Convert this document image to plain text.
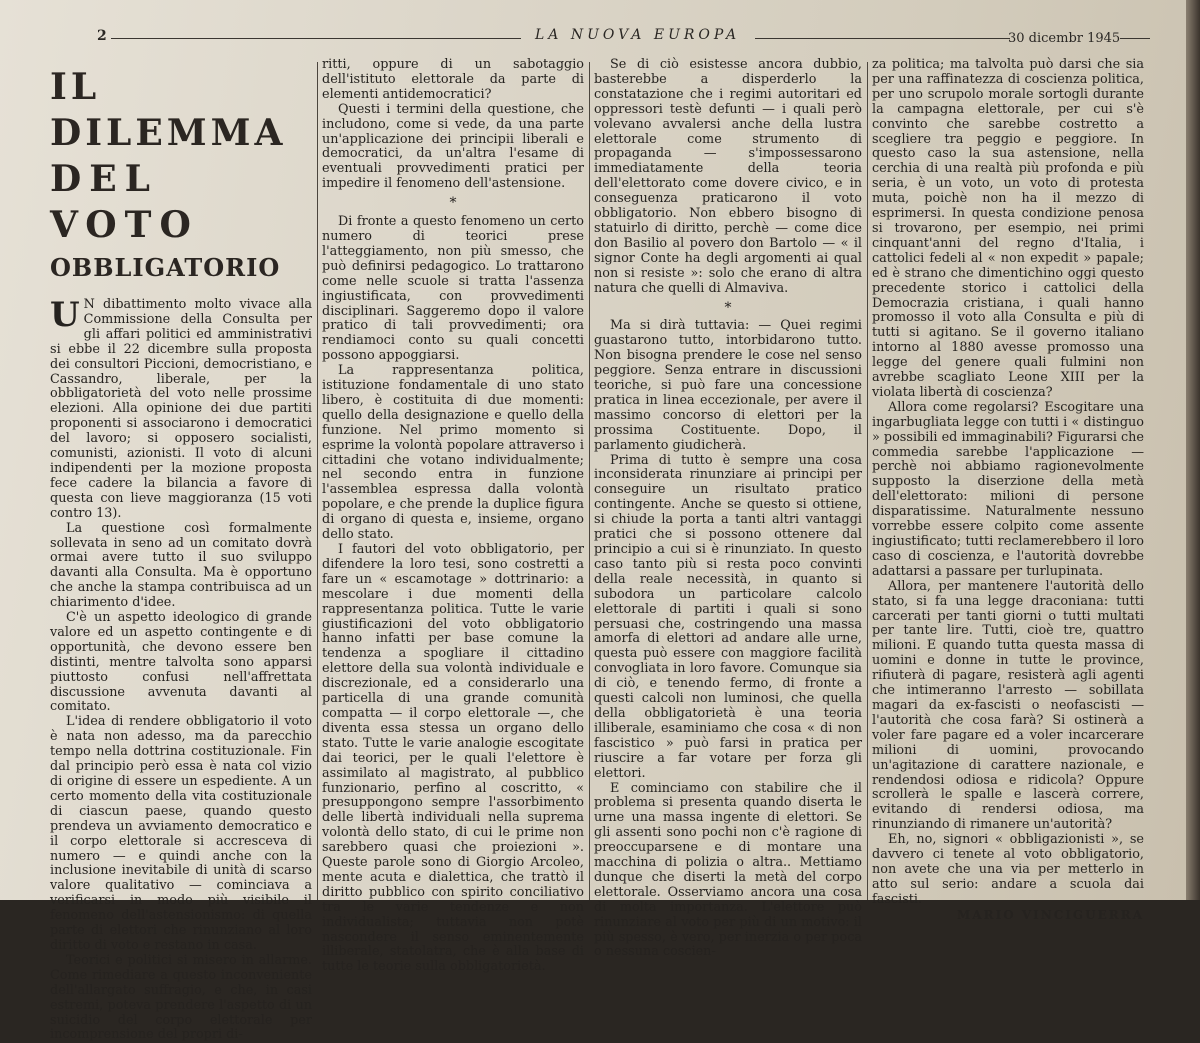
2	LA NUOVA EUROPA	30 dicembr 1945
IL DILEMMA
DEL VOTO
OBBLIGATORIO

U N dibattimento molto vivace alla Commissione della Consulta per gli affari politici ed amministrativi si ebbe il 22 dicembre sulla proposta dei consultori Piccioni, democristiano, e Cassandro, liberale, per la obbligatorietà del voto nelle prossime elezioni. Alla opinione dei due partiti proponenti si associarono i democratici del lavoro; si opposero socialisti, comunisti, azionisti. Il voto di alcuni indipendenti per la mozione proposta fece cadere la bilancia a favore di questa con lieve maggioranza (15 voti contro 13).

La questione così formalmente sollevata in seno ad un comitato dovrà ormai avere tutto il suo sviluppo davanti alla Consulta. Ma è opportuno che anche la stampa contribuisca ad un chiarimento d'idee.

C'è un aspetto ideologico di grande valore ed un aspetto contingente e di opportunità, che devono essere ben distinti, mentre talvolta sono apparsi piuttosto confusi nell'affrettata discussione avvenuta davanti al comitato.

L'idea di rendere obbligatorio il voto è nata non adesso, ma da parecchio tempo nella dottrina costituzionale. Fin dal principio però essa è nata col vizio di origine di essere un espediente. A un certo momento della vita costituzionale di ciascun paese, quando questo prendeva un avviamento democratico e il corpo elettorale si accresceva di numero — e quindi anche con la inclusione inevitabile di unità di scarso valore qualitativo — cominciava a verificarsi in modo più visibile il fenomeno dell'astensionismo: di quella parte di elettori che rinunziano al loro diritto di voto e restano in casa.

Teorici e politici si misero in allarme. Come rimediare a questo inconveniente dell'allargato suffragio, e che, in casi estremi, poteva prendere l'aspetto di un suicidio del corpo elettorale per incomprensione del propri di-

ritti, oppure di un sabotaggio dell'istituto elettorale da parte di elementi antidemocratici?

Questi i termini della questione, che includono, come si vede, da una parte un'applicazione dei principii liberali e democratici, da un'altra l'esame di eventuali provvedimenti pratici per impedire il fenomeno dell'astensione.

*

Di fronte a questo fenomeno un certo numero di teorici prese l'atteggiamento, non più smesso, che può definirsi pedagogico. Lo trattarono come nelle scuole si tratta l'assenza ingiustificata, con provvedimenti disciplinari. Saggeremo dopo il valore pratico di tali provvedimenti; ora rendiamoci conto su quali concetti possono appoggiarsi.

La rappresentanza politica, istituzione fondamentale di uno stato libero, è costituita di due momenti: quello della designazione e quello della funzione. Nel primo momento si esprime la volontà popolare attraverso i cittadini che votano individualmente; nel secondo entra in funzione l'assemblea espressa dalla volontà popolare, e che prende la duplice figura di organo di questa e, insieme, organo dello stato.

I fautori del voto obbligatorio, per difendere la loro tesi, sono costretti a fare un « escamotage » dottrinario: a mescolare i due momenti della rappresentanza politica. Tutte le varie giustificazioni del voto obbligatorio hanno infatti per base comune la tendenza a spogliare il cittadino elettore della sua volontà individuale e discrezionale, ed a considerarlo una particella di una grande comunità compatta — il corpo elettorale —, che diventa essa stessa un organo dello stato. Tutte le varie analogie escogitate dai teorici, per le quali l'elettore è assimilato al magistrato, al pubblico funzionario, perfino al coscritto, « presuppongono sempre l'assorbimento delle libertà individuali nella suprema volontà dello stato, di cui le prime non sarebbero quasi che proiezioni ». Queste parole sono di Giorgio Arcoleo, mente acuta e dialettica, che trattò il diritto pubblico con spirito conciliativo tra le varie tendenze e non individualista; tuttavia non potè nascondere il senso eminentemente illiberale, statolatra, che è alla base di tutte le teorie sulla obbligatorietà.

Se di ciò esistesse ancora dubbio, basterebbe a disperderlo la constatazione che i regimi autoritari ed oppressori testè defunti — i quali però volevano avvalersi anche della lustra elettorale come strumento di propaganda — s'impossessarono immediatamente della teoria dell'elettorato come dovere civico, e in conseguenza praticarono il voto obbligatorio. Non ebbero bisogno di statuirlo di diritto, perchè — come dice don Basilio al povero don Bartolo — « il signor Conte ha degli argomenti ai qual non si resiste »: solo che erano di altra natura che quelli di Almaviva.

*

Ma si dirà tuttavia: — Quei regimi guastarono tutto, intorbidarono tutto. Non bisogna prendere le cose nel senso peggiore. Senza entrare in discussioni teoriche, si può fare una concessione pratica in linea eccezionale, per avere il massimo concorso di elettori per la prossima Costituente. Dopo, il parlamento giudicherà.

Prima di tutto è sempre una cosa inconsiderata rinunziare ai principi per conseguire un risultato pratico contingente. Anche se questo si ottiene, si chiude la porta a tanti altri vantaggi pratici che si possono ottenere dal principio a cui si è rinunziato. In questo caso tanto più si resta poco convinti della reale necessità, in quanto si subodora un particolare calcolo elettorale di partiti i quali si sono persuasi che, costringendo una massa amorfa di elettori ad andare alle urne, questa può essere con maggiore facilità convogliata in loro favore. Comunque sia di ciò, e tenendo fermo, di fronte a questi calcoli non luminosi, che quella della obbligatorietà è una teoria illiberale, esaminiamo che cosa « di non fascistico » può farsi in pratica per riuscire a far votare per forza gli elettori.

E cominciamo con stabilire che il problema si presenta quando diserta le urne una massa ingente di elettori. Se gli assenti sono pochi non c'è ragione di preoccuparsene e di montare una macchina di polizia o altra.. Mettiamo dunque che diserti la metà del corpo elettorale. Osserviamo ancora una cosa di molta importanza. L'elettore può rinunziare al voto per più di un motivo: il più spesso, è vero, per inerzia o per poca o nessuna coscien-

za politica; ma talvolta può darsi che sia per una raffinatezza di coscienza politica, per uno scrupolo morale sortogli durante la campagna elettorale, per cui s'è convinto che sarebbe costretto a scegliere tra peggio e peggiore. In questo caso la sua astensione, nella cerchia di una realtà più profonda e più seria, è un voto, un voto di protesta muta, poichè non ha il mezzo di esprimersi. In questa condizione penosa si trovarono, per esempio, nei primi cinquant'anni del regno d'Italia, i cattolici fedeli al « non expedit » papale; ed è strano che dimentichino oggi questo precedente storico i cattolici della Democrazia cristiana, i quali hanno promosso il voto alla Consulta e più di tutti si agitano. Se il governo italiano intorno al 1880 avesse promosso una legge del genere quali fulmini non avrebbe scagliato Leone XIII per la violata libertà di coscienza?

Allora come regolarsi? Escogitare una ingarbugliata legge con tutti i « distinguo » possibili ed immaginabili? Figurarsi che commedia sarebbe l'applicazione — perchè noi abbiamo ragionevolmente supposto la diserzione della metà dell'elettorato: milioni di persone disparatissime. Naturalmente nessuno vorrebbe essere colpito come assente ingiustificato; tutti reclamerebbero il loro caso di coscienza, e l'autorità dovrebbe adattarsi a passare per turlupinata.

Allora, per mantenere l'autorità dello stato, si fa una legge draconiana: tutti carcerati per tanti giorni o tutti multati per tante lire. Tutti, cioè tre, quattro milioni. E quando tutta questa massa di uomini e donne in tutte le province, rifiuterà di pagare, resisterà agli agenti che intimeranno l'arresto — sobillata magari da ex-fascisti o neofascisti — l'autorità che cosa farà? Si ostinerà a voler fare pagare ed a voler incarcerare milioni di uomini, provocando un'agitazione di carattere nazionale, e rendendosi odiosa e ridicola? Oppure scrollerà le spalle e lascerà correre, evitando di rendersi odiosa, ma rinunziando di rimanere un'autorità?

Eh, no, signori « obbligazionisti », se davvero ci tenete al voto obbligatorio, non avete che una via per metterlo in atto sul serio: andare a scuola dai fascisti.

MARIO VINCIGUERRA
